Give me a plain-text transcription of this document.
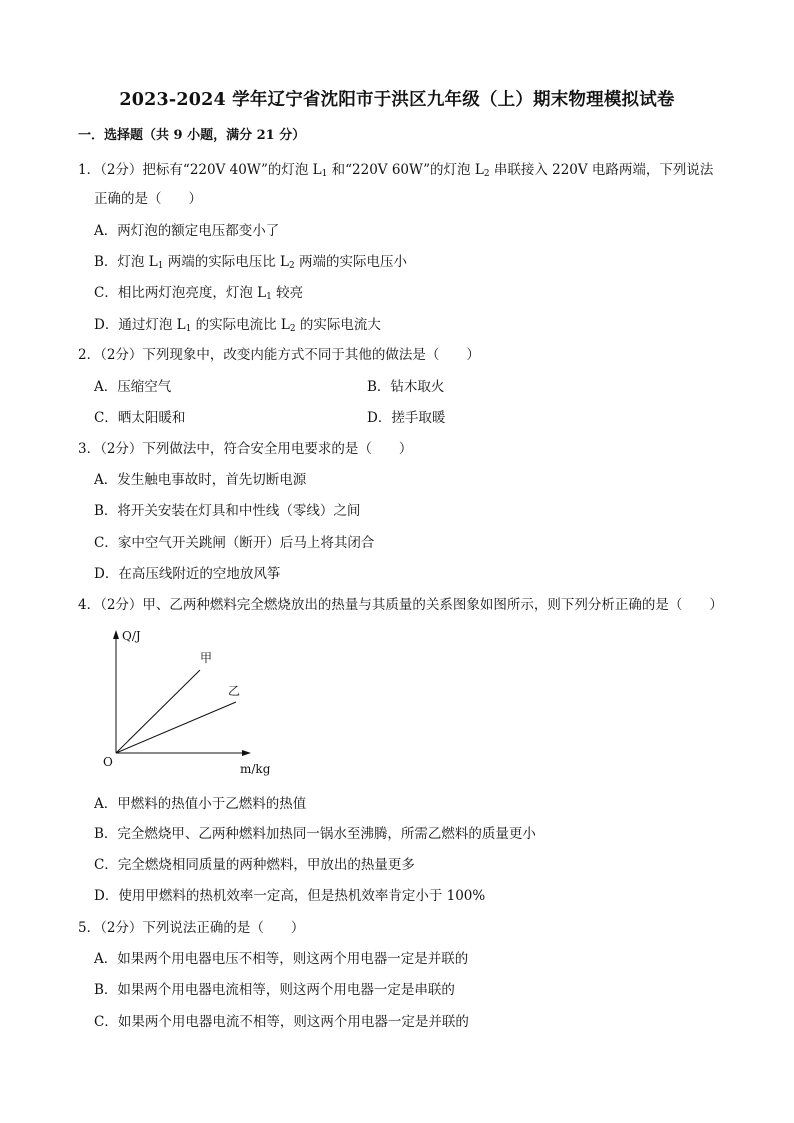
2023-2024 学年辽宁省沈阳市于洪区九年级（上）期末物理模拟试卷
一．选择题（共 9 小题，满分 21 分）
1．（2分）把标有“220V 40W”的灯泡 $L_1$ 和“220V 60W”的灯泡 $L_2$ 串联接入 220V 电路两端，下列说法
正确的是（　　）
A．两灯泡的额定电压都变小了
B．灯泡 $L_1$ 两端的实际电压比 $L_2$ 两端的实际电压小
C．相比两灯泡亮度，灯泡 $L_1$ 较亮
D．通过灯泡 $L_1$ 的实际电流比 $L_2$ 的实际电流大
2．（2分）下列现象中，改变内能方式不同于其他的做法是（　　）
A．压缩空气	B．钻木取火
C．晒太阳暖和	D．搓手取暖
3．（2分）下列做法中，符合安全用电要求的是（　　）
A．发生触电事故时，首先切断电源
B．将开关安装在灯具和中性线（零线）之间
C．家中空气开关跳闸（断开）后马上将其闭合
D．在高压线附近的空地放风筝
4．（2分）甲、乙两种燃料完全燃烧放出的热量与其质量的关系图象如图所示，则下列分析正确的是（　　）
Q/J
m/kg
O
甲
乙
A．甲燃料的热值小于乙燃料的热值
B．完全燃烧甲、乙两种燃料加热同一锅水至沸腾，所需乙燃料的质量更小
C．完全燃烧相同质量的两种燃料，甲放出的热量更多
D．使用甲燃料的热机效率一定高，但是热机效率肯定小于 100%
5．（2分）下列说法正确的是（　　）
A．如果两个用电器电压不相等，则这两个用电器一定是并联的
B．如果两个用电器电流相等，则这两个用电器一定是串联的
C．如果两个用电器电流不相等，则这两个用电器一定是并联的
